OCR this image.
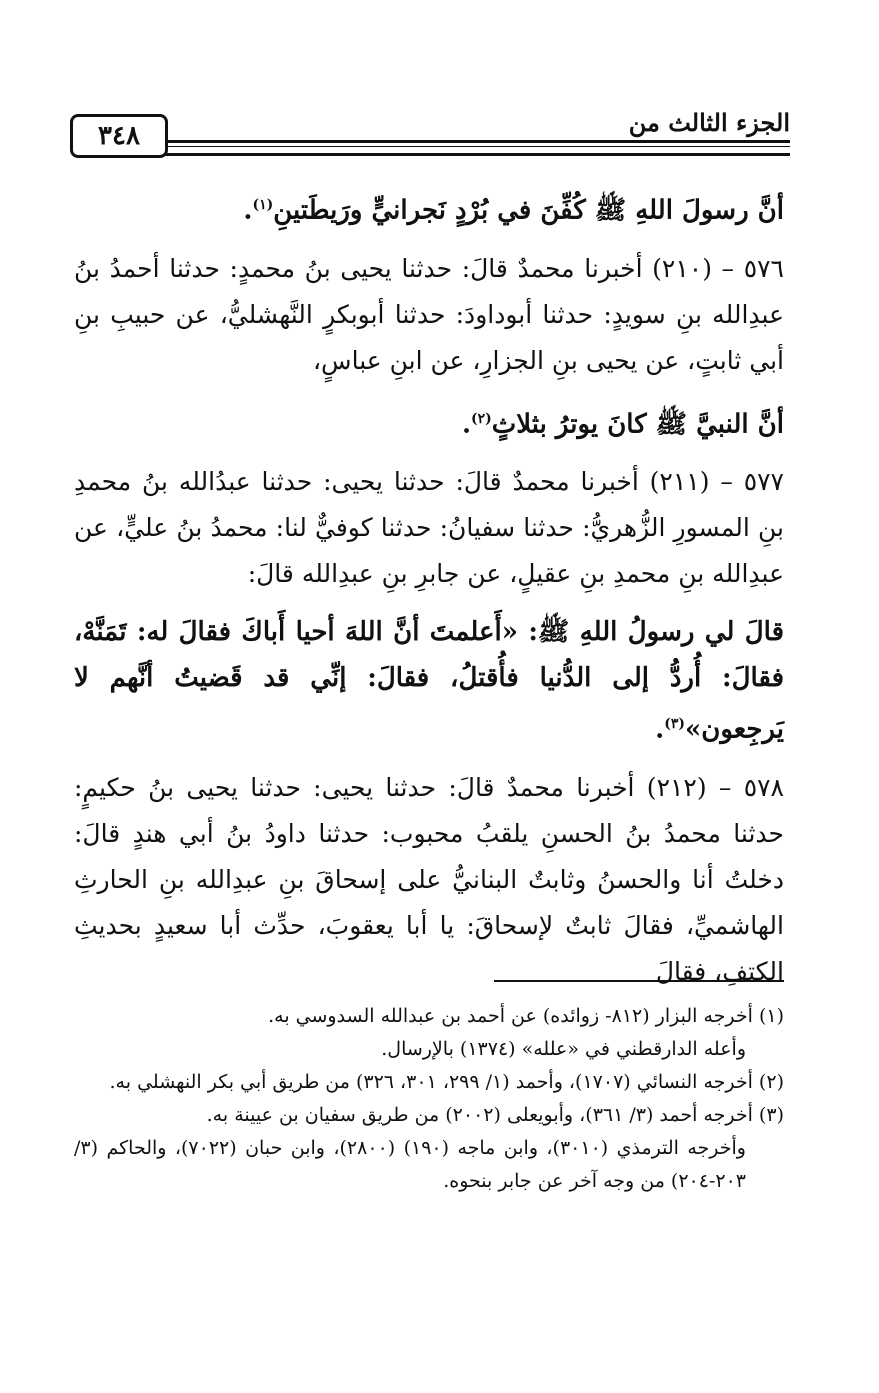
الجزء الثالث من
٣٤٨

أنَّ رسولَ اللهِ ﷺ كُفِّنَ في بُرْدٍ نَجرانيٍّ ورَيطَتينِ$^{(١)}$.

٥٧٦ – (٢١٠) أخبرنا محمدٌ قالَ: حدثنا يحيى بنُ محمدٍ: حدثنا أحمدُ بنُ عبدِالله بنِ سويدٍ: حدثنا أبوداودَ: حدثنا أبوبكرٍ النَّهشليُّ، عن حبيبِ بنِ أبي ثابتٍ، عن يحيى بنِ الجزارِ، عن ابنِ عباسٍ،

أنَّ النبيَّ ﷺ كانَ يوترُ بثلاثٍ$^{(٢)}$.

٥٧٧ – (٢١١) أخبرنا محمدٌ قالَ: حدثنا يحيى: حدثنا عبدُالله بنُ محمدِ بنِ المسورِ الزُّهريُّ: حدثنا سفيانُ: حدثنا كوفيٌّ لنا: محمدُ بنُ عليٍّ، عن عبدِالله بنِ محمدِ بنِ عقيلٍ، عن جابرِ بنِ عبدِالله قالَ:

قالَ لي رسولُ اللهِ ﷺ: «أَعلمتَ أنَّ اللهَ أحيا أَباكَ فقالَ له: تَمَنَّهْ، فقالَ: أُردُّ إلى الدُّنيا فأُقتلُ، فقالَ: إنِّي قد قَضيتُ أنَّهم لا يَرجِعون»$^{(٣)}$.

٥٧٨ – (٢١٢) أخبرنا محمدٌ قالَ: حدثنا يحيى: حدثنا يحيى بنُ حكيمٍ: حدثنا محمدُ بنُ الحسنِ يلقبُ محبوب: حدثنا داودُ بنُ أبي هندٍ قالَ: دخلتُ أنا والحسنُ وثابتٌ البنانيُّ على إسحاقَ بنِ عبدِالله بنِ الحارثِ الهاشميِّ، فقالَ ثابتٌ لإسحاقَ: يا أبا يعقوبَ، حدِّث أبا سعيدٍ بحديثِ الكتفِ، فقالَ

(١) أخرجه البزار (٨١٢- زوائده) عن أحمد بن عبدالله السدوسي به.

وأعله الدارقطني في «علله» (١٣٧٤) بالإرسال.

(٢) أخرجه النسائي (١٧٠٧)، وأحمد (١/ ٢٩٩، ٣٠١، ٣٢٦) من طريق أبي بكر النهشلي به.

(٣) أخرجه أحمد (٣/ ٣٦١)، وأبويعلى (٢٠٠٢) من طريق سفيان بن عيينة به.

وأخرجه الترمذي (٣٠١٠)، وابن ماجه (١٩٠) (٢٨٠٠)، وابن حبان (٧٠٢٢)، والحاكم (٣/ ٢٠٣-٢٠٤) من وجه آخر عن جابر بنحوه.
